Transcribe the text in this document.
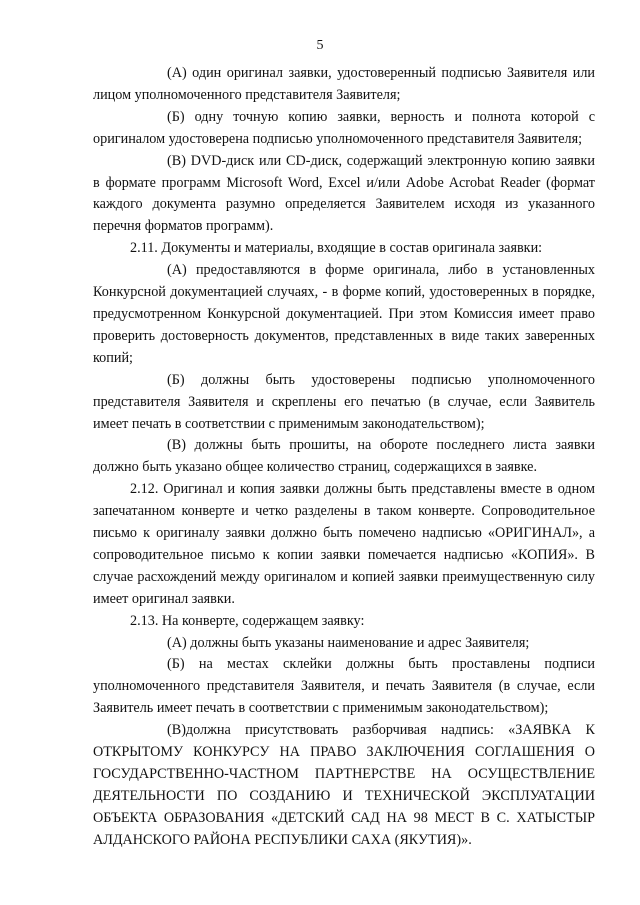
5

(А) один оригинал заявки, удостоверенный подписью Заявителя или лицом уполномоченного представителя Заявителя;

(Б) одну точную копию заявки, верность и полнота которой с оригиналом удостоверена подписью уполномоченного представителя Заявителя;

(В) DVD-диск или CD-диск, содержащий электронную копию заявки в формате программ Microsoft Word, Excel и/или Adobe Acrobat Reader (формат каждого документа разумно определяется Заявителем исходя из указанного перечня форматов программ).

2.11. Документы и материалы, входящие в состав оригинала заявки:

(А) предоставляются в форме оригинала, либо в установленных Конкурсной документацией случаях, - в форме копий, удостоверенных в порядке, предусмотренном Конкурсной документацией. При этом Комиссия имеет право проверить достоверность документов, представленных в виде таких заверенных копий;

(Б) должны быть удостоверены подписью уполномоченного представителя Заявителя и скреплены его печатью (в случае, если Заявитель имеет печать в соответствии с применимым законодательством);

(В) должны быть прошиты, на обороте последнего листа заявки должно быть указано общее количество страниц, содержащихся в заявке.

2.12. Оригинал и копия заявки должны быть представлены вместе в одном запечатанном конверте и четко разделены в таком конверте. Сопроводительное письмо к оригиналу заявки должно быть помечено надписью «ОРИГИНАЛ», а сопроводительное письмо к копии заявки помечается надписью «КОПИЯ». В случае расхождений между оригиналом и копией заявки преимущественную силу имеет оригинал заявки.

2.13. На конверте, содержащем заявку:

(А) должны быть указаны наименование и адрес Заявителя;

(Б) на местах склейки должны быть проставлены подписи уполномоченного представителя Заявителя, и печать Заявителя (в случае, если Заявитель имеет печать в соответствии с применимым законодательством);

(В)должна присутствовать разборчивая надпись: «ЗАЯВКА К ОТКРЫТОМУ КОНКУРСУ НА ПРАВО ЗАКЛЮЧЕНИЯ СОГЛАШЕНИЯ О ГОСУДАРСТВЕННО-ЧАСТНОМ ПАРТНЕРСТВЕ НА ОСУЩЕСТВЛЕНИЕ ДЕЯТЕЛЬНОСТИ ПО СОЗДАНИЮ И ТЕХНИЧЕСКОЙ ЭКСПЛУАТАЦИИ ОБЪЕКТА ОБРАЗОВАНИЯ «ДЕТСКИЙ САД НА 98 МЕСТ В С. ХАТЫСТЫР АЛДАНСКОГО РАЙОНА РЕСПУБЛИКИ САХА (ЯКУТИЯ)».
